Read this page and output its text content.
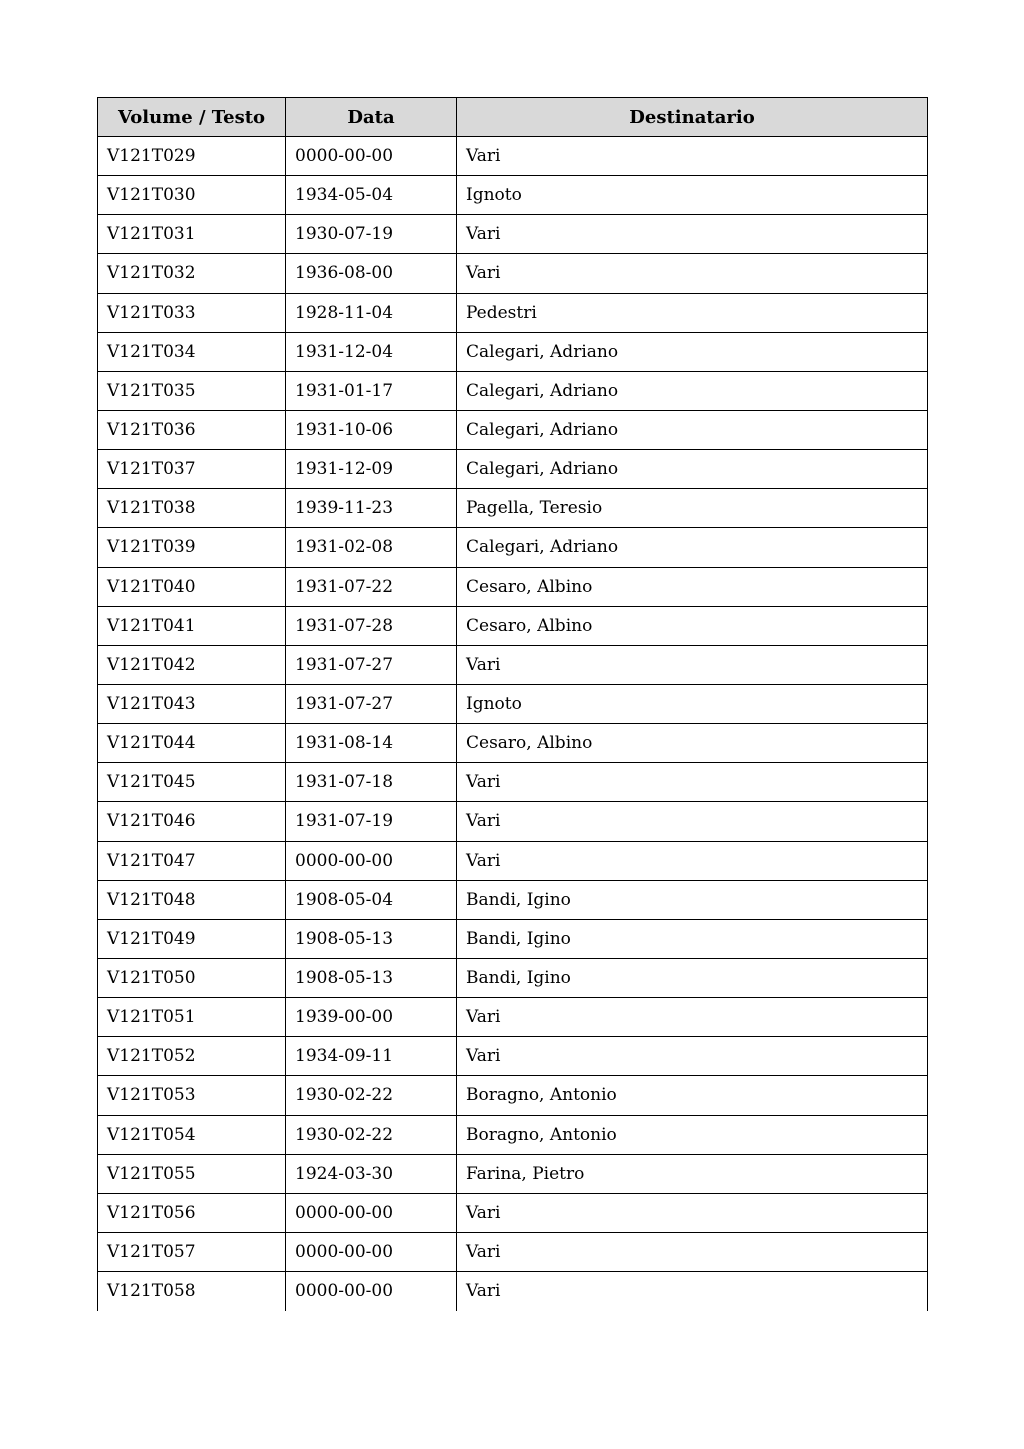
Volume / Testo	Data	Destinatario
V121T029	0000-00-00	Vari
V121T030	1934-05-04	Ignoto
V121T031	1930-07-19	Vari
V121T032	1936-08-00	Vari
V121T033	1928-11-04	Pedestri
V121T034	1931-12-04	Calegari, Adriano
V121T035	1931-01-17	Calegari, Adriano
V121T036	1931-10-06	Calegari, Adriano
V121T037	1931-12-09	Calegari, Adriano
V121T038	1939-11-23	Pagella, Teresio
V121T039	1931-02-08	Calegari, Adriano
V121T040	1931-07-22	Cesaro, Albino
V121T041	1931-07-28	Cesaro, Albino
V121T042	1931-07-27	Vari
V121T043	1931-07-27	Ignoto
V121T044	1931-08-14	Cesaro, Albino
V121T045	1931-07-18	Vari
V121T046	1931-07-19	Vari
V121T047	0000-00-00	Vari
V121T048	1908-05-04	Bandi, Igino
V121T049	1908-05-13	Bandi, Igino
V121T050	1908-05-13	Bandi, Igino
V121T051	1939-00-00	Vari
V121T052	1934-09-11	Vari
V121T053	1930-02-22	Boragno, Antonio
V121T054	1930-02-22	Boragno, Antonio
V121T055	1924-03-30	Farina, Pietro
V121T056	0000-00-00	Vari
V121T057	0000-00-00	Vari
V121T058	0000-00-00	Vari
